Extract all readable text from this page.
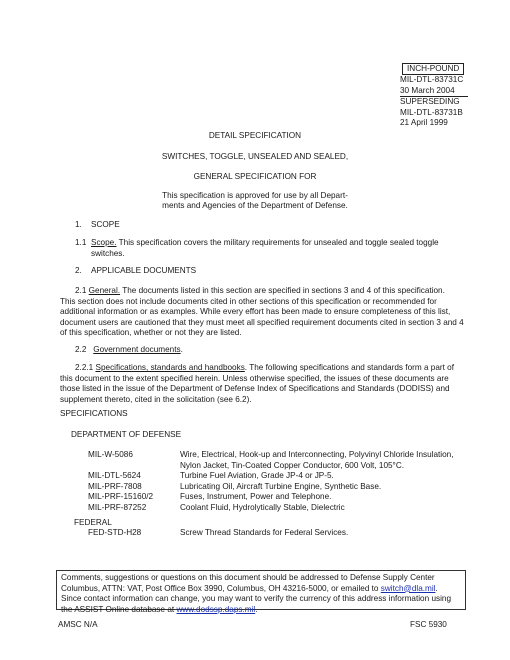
INCH-POUND
MIL-DTL-83731C
30 March 2004
SUPERSEDING
MIL-DTL-83731B
21 April 1999
DETAIL SPECIFICATION
SWITCHES, TOGGLE, UNSEALED AND SEALED,
GENERAL SPECIFICATION FOR
This specification is approved for use by all Depart-
ments and Agencies of the Department of Defense.
1. SCOPE
1.1 Scope. This specification covers the military requirements for unsealed and toggle sealed toggle
switches.
2. APPLICABLE DOCUMENTS
2.1 General. The documents listed in this section are specified in sections 3 and 4 of this specification.
This section does not include documents cited in other sections of this specification or recommended for
additional information or as examples. While every effort has been made to ensure completeness of this list,
document users are cautioned that they must meet all specified requirement documents cited in section 3 and 4
of this specification, whether or not they are listed.
2.2 Government documents.
2.2.1 Specifications, standards and handbooks. The following specifications and standards form a part of
this document to the extent specified herein. Unless otherwise specified, the issues of these documents are
those listed in the issue of the Department of Defense Index of Specifications and Standards (DODISS) and
supplement thereto, cited in the solicitation (see 6.2).
SPECIFICATIONS
DEPARTMENT OF DEFENSE
MIL-W-5086	Wire, Electrical, Hook-up and Interconnecting, Polyvinyl Chloride Insulation,
Nylon Jacket, Tin-Coated Copper Conductor, 600 Volt, 105°C.
MIL-DTL-5624	Turbine Fuel Aviation, Grade JP-4 or JP-5.
MIL-PRF-7808	Lubricating Oil, Aircraft Turbine Engine, Synthetic Base.
MIL-PRF-15160/2	Fuses, Instrument, Power and Telephone.
MIL-PRF-87252	Coolant Fluid, Hydrolytically Stable, Dielectric
FEDERAL
FED-STD-H28	Screw Thread Standards for Federal Services.
Comments, suggestions or questions on this document should be addressed to Defense Supply Center
Columbus, ATTN: VAT, Post Office Box 3990, Columbus, OH 43216-5000, or emailed to switch@dla.mil.
Since contact information can change, you may want to verify the currency of this address information using
the ASSIST Online database at www.dodssp.daps.mil.
AMSC N/A	FSC 5930
